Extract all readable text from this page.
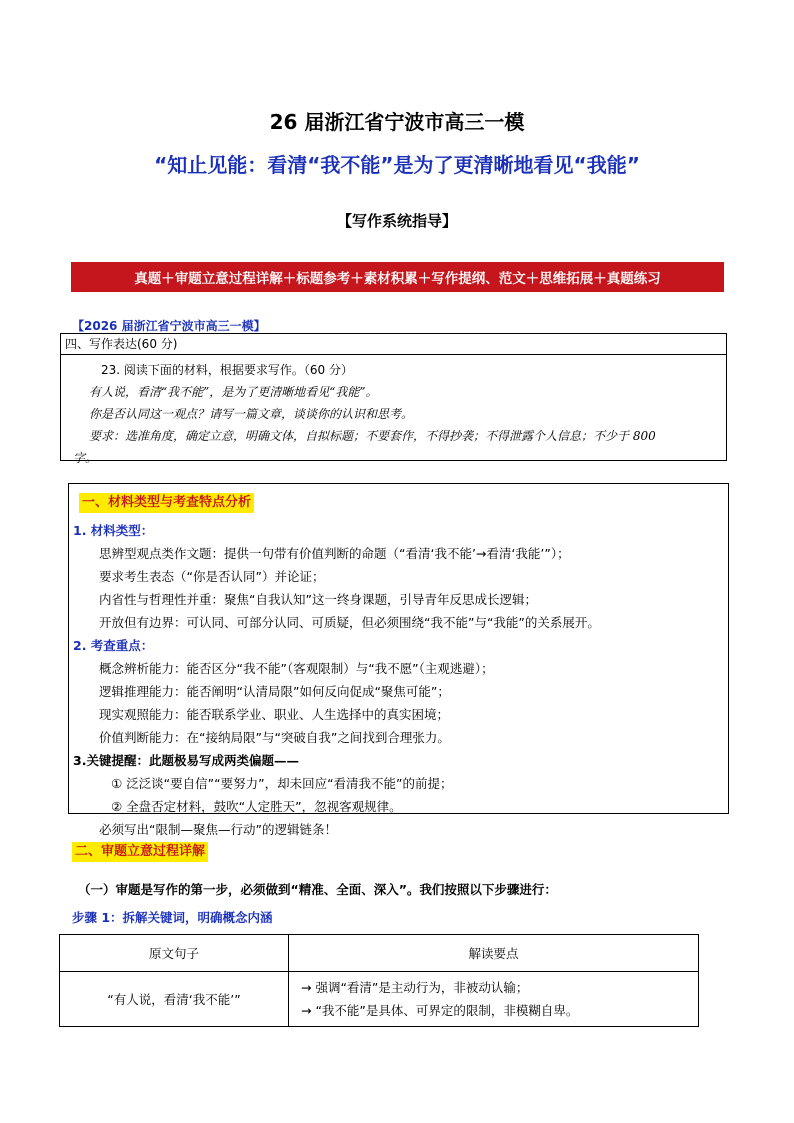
26 届浙江省宁波市高三一模
“知止见能：看清“我不能”是为了更清晰地看见“我能”
【写作系统指导】
真题＋审题立意过程详解＋标题参考＋素材积累＋写作提纲、范文＋思维拓展＋真题练习
【2026 届浙江省宁波市高三一模】
四、写作表达(60 分)
23. 阅读下面的材料，根据要求写作。（60 分）
有人说，看清“我不能”，是为了更清晰地看见“我能”。
你是否认同这一观点？请写一篇文章，谈谈你的认识和思考。
要求：选准角度，确定立意，明确文体，自拟标题；不要套作，不得抄袭；不得泄露个人信息；不少于 800
字。
一、材料类型与考查特点分析
1. 材料类型：
思辨型观点类作文题：提供一句带有价值判断的命题（“看清‘我不能’→看清‘我能’”）；
要求考生表态（“你是否认同”）并论证；
内省性与哲理性并重：聚焦“自我认知”这一终身课题，引导青年反思成长逻辑；
开放但有边界：可认同、可部分认同、可质疑，但必须围绕“我不能”与“我能”的关系展开。
2. 考查重点：
概念辨析能力：能否区分“我不能”（客观限制）与“我不愿”（主观逃避）；
逻辑推理能力：能否阐明“认清局限”如何反向促成“聚焦可能”；
现实观照能力：能否联系学业、职业、人生选择中的真实困境；
价值判断能力：在“接纳局限”与“突破自我”之间找到合理张力。
3.关键提醒：此题极易写成两类偏题——
① 泛泛谈“要自信”“要努力”，却未回应“看清我不能”的前提；
② 全盘否定材料，鼓吹“人定胜天”，忽视客观规律。
必须写出“限制—聚焦—行动”的逻辑链条！
二、审题立意过程详解
（一）审题是写作的第一步，必须做到“精准、全面、深入”。我们按照以下步骤进行：
步骤 1：拆解关键词，明确概念内涵
原文句子	解读要点
“有人说，看清‘我不能’”	→ 强调“看清”是主动行为，非被动认输；
→ “我不能”是具体、可界定的限制，非模糊自卑。
